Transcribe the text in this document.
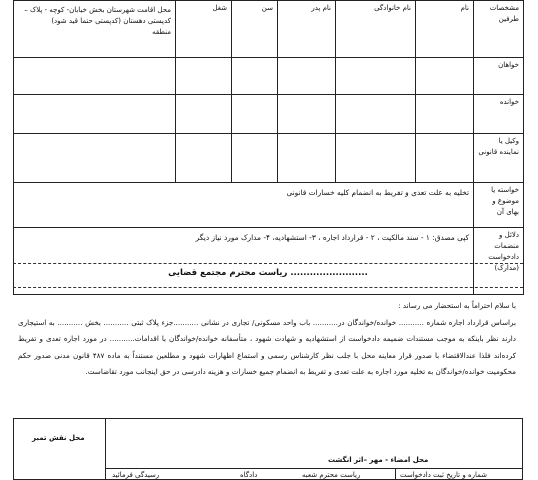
مشخصات طرفین	نام	نام خانوادگی	نام پدر	سن	شغل	محل اقامت شهرستان بخش خیابان- کوچه - پلاک – کدپستی دهستان (کدپستی حتما قید شود)
منطقه

خواهان						
خوانده						
وکیل یا نماینده قانونی						
خواسته یا موضوع و بهای آن	تخلیه به علت تعدی و تفریط به انضمام کلیه خسارات قانونی					
دلائل و منضمات دادخواست (مدارک)	کپی مصدق: ۱ - سند مالکیت ، ۲ - قرارداد اجاره ، ۳- استشهادیه، ۴- مدارک مورد نیاز دیگر					
ریاست محترم مجتمع قضایی ........................

با سلام احتراماً به استحضار می رساند :

براساس قرارداد اجاره شماره ........... خوانده/خواندگان در........... باب واحد مسکونی/ تجاری در نشانی ...........جزء پلاک ثبتی ........... بخش ........... به استیجاری دارند نظر باینکه به موجب مستندات ضمیمه دادخواست از استشهادیه و شهادت شهود ، متأسفانه خوانده/خواندگان با اقدامات........... در مورد اجاره تعدی و تفریط کرده‌اند فلذا عندالاقتضاء با صدور قرار معاینه محل با جلب نظر کارشناس رسمی و استماع اظهارات شهود و مطلعین مستنداً به ماده ۴۸۷ قانون مدنی صدور حکم محکومیت خوانده/خواندگان به تخلیه مورد اجاره به علت تعدی و تفریط به انضمام جمیع خسارات و هزینه دادرسی در حق اینجانب مورد تقاضاست.

محل نقش تمبر
محل امضاء - مهر –اثر انگشت
شماره و تاریخ ثبت دادخواست
ریاست محترم شعبه
دادگاه
رسیدگی فرمائید
